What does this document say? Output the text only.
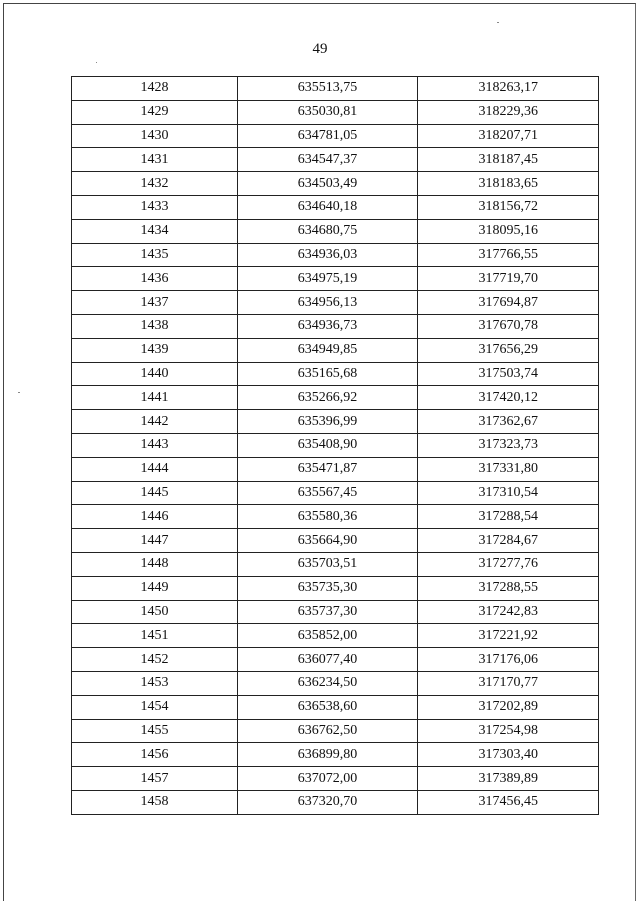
49
1428	635513,75	318263,17
1429	635030,81	318229,36
1430	634781,05	318207,71
1431	634547,37	318187,45
1432	634503,49	318183,65
1433	634640,18	318156,72
1434	634680,75	318095,16
1435	634936,03	317766,55
1436	634975,19	317719,70
1437	634956,13	317694,87
1438	634936,73	317670,78
1439	634949,85	317656,29
1440	635165,68	317503,74
1441	635266,92	317420,12
1442	635396,99	317362,67
1443	635408,90	317323,73
1444	635471,87	317331,80
1445	635567,45	317310,54
1446	635580,36	317288,54
1447	635664,90	317284,67
1448	635703,51	317277,76
1449	635735,30	317288,55
1450	635737,30	317242,83
1451	635852,00	317221,92
1452	636077,40	317176,06
1453	636234,50	317170,77
1454	636538,60	317202,89
1455	636762,50	317254,98
1456	636899,80	317303,40
1457	637072,00	317389,89
1458	637320,70	317456,45
